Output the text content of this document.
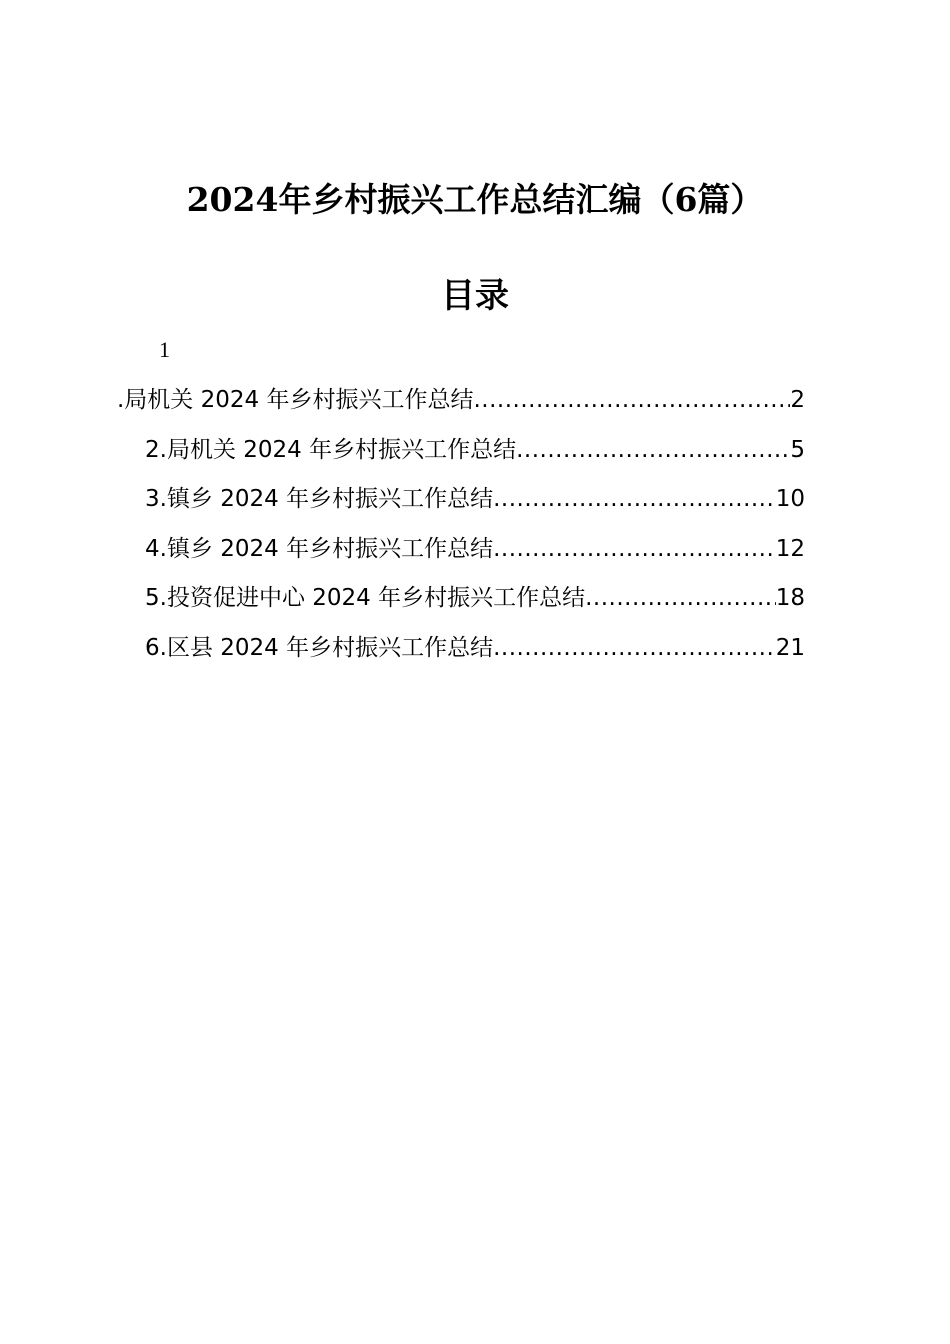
2024年乡村振兴工作总结汇编（6篇）
目录
1
.局机关 2024 年乡村振兴工作总结 .....	2
2.局机关 2024 年乡村振兴工作总结 .....	5
3.镇乡 2024 年乡村振兴工作总结 .....	10
4.镇乡 2024 年乡村振兴工作总结 .....	12
5.投资促进中心 2024 年乡村振兴工作总结 .....	18
6.区县 2024 年乡村振兴工作总结 .....	21
